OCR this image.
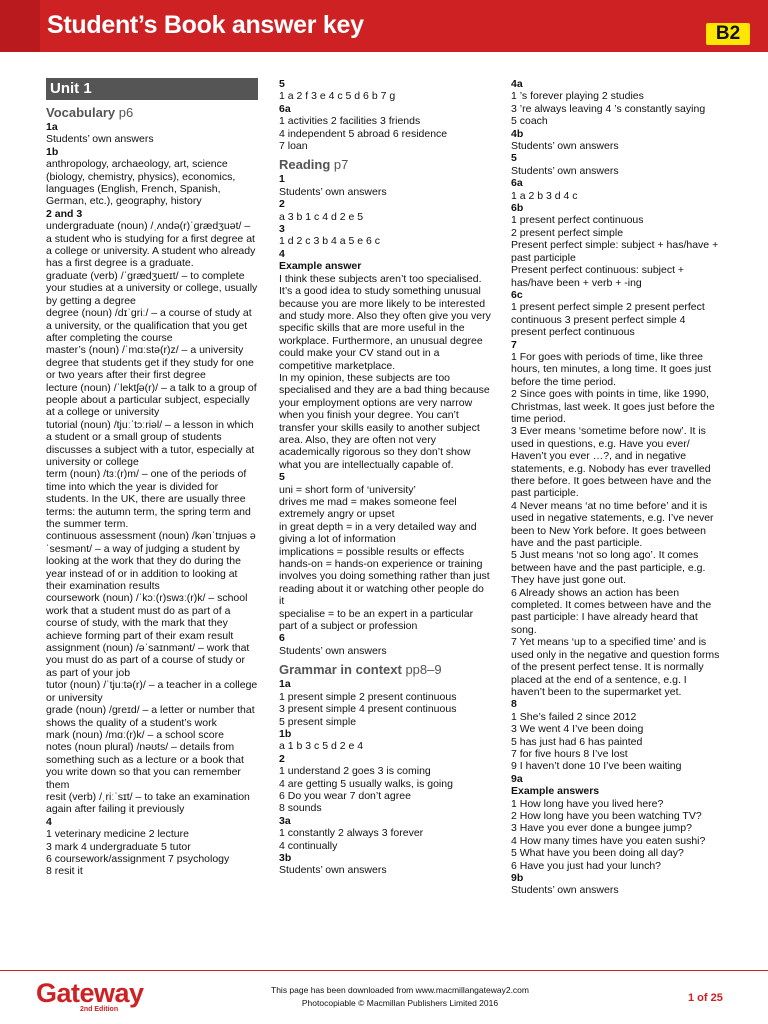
Student’s Book answer key	B2
Unit 1
Vocabulary p6
1a
Students’ own answers
1b
anthropology, archaeology, art, science (biology, chemistry, physics), economics, languages (English, French, Spanish, German, etc.), geography, history
2 and 3
undergraduate (noun) /ˌʌndə(r)ˈgrædʒuət/ – a student who is studying for a first degree at a college or university. A student who already has a first degree is a graduate.
graduate (verb) /ˈgrædʒueɪt/ – to complete your studies at a university or college, usually by getting a degree
degree (noun) /dɪˈgriː/ – a course of study at a university, or the qualification that you get after completing the course
master’s (noun) /ˈmɑːstə(r)z/ – a university degree that students get if they study for one or two years after their first degree
lecture (noun) /ˈlektʃə(r)/ – a talk to a group of people about a particular subject, especially at a college or university
tutorial (noun) /tjuːˈtɔːriəl/ – a lesson in which a student or a small group of students discusses a subject with a tutor, especially at university or college
term (noun) /tɜː(r)m/ – one of the periods of time into which the year is divided for students. In the UK, there are usually three terms: the autumn term, the spring term and the summer term.
continuous assessment (noun) /kənˈtɪnjuəs əˈsesmənt/ – a way of judging a student by looking at the work that they do during the year instead of or in addition to looking at their examination results
coursework (noun) /ˈkɔː(r)swɜː(r)k/ – school work that a student must do as part of a course of study, with the mark that they achieve forming part of their exam result
assignment (noun) /əˈsaɪnmənt/ – work that you must do as part of a course of study or as part of your job
tutor (noun) /ˈtjuːtə(r)/ – a teacher in a college or university
grade (noun) /greɪd/ – a letter or number that shows the quality of a student’s work
mark (noun) /mɑː(r)k/ – a school score
notes (noun plural) /nəʊts/ – details from something such as a lecture or a book that you write down so that you can remember them
resit (verb) /ˌriːˈsɪt/ – to take an examination again after failing it previously
4
1 veterinary medicine 2 lecture
3 mark 4 undergraduate 5 tutor
6 coursework/assignment 7 psychology
8 resit it
5
1 a 2 f 3 e 4 c 5 d 6 b 7 g
6a
1 activities 2 facilities 3 friends
4 independent 5 abroad 6 residence
7 loan
Reading p7
1
Students’ own answers
2
a 3 b 1 c 4 d 2 e 5
3
1 d 2 c 3 b 4 a 5 e 6 c
4
Example answer
I think these subjects aren’t too specialised. It’s a good idea to study something unusual because you are more likely to be interested and study more. Also they often give you very specific skills that are more useful in the workplace. Furthermore, an unusual degree could make your CV stand out in a competitive marketplace.
In my opinion, these subjects are too specialised and they are a bad thing because your employment options are very narrow when you finish your degree. You can’t transfer your skills easily to another subject area. Also, they are often not very academically rigorous so they don’t show what you are intellectually capable of.
5
uni = short form of ‘university’
drives me mad = makes someone feel extremely angry or upset
in great depth = in a very detailed way and giving a lot of information
implications = possible results or effects
hands-on = hands-on experience or training involves you doing something rather than just reading about it or watching other people do it
specialise = to be an expert in a particular part of a subject or profession
6
Students’ own answers
Grammar in context pp8–9
1a
1 present simple 2 present continuous
3 present simple 4 present continuous
5 present simple
1b
a 1 b 3 c 5 d 2 e 4
2
1 understand 2 goes 3 is coming
4 are getting 5 usually walks, is going
6 Do you wear 7 don’t agree
8 sounds
3a
1 constantly 2 always 3 forever
4 continually
3b
Students’ own answers
4a
1 ’s forever playing 2 studies
3 ’re always leaving 4 ’s constantly saying
5 coach
4b
Students’ own answers
5
Students’ own answers
6a
1 a 2 b 3 d 4 c
6b
1 present perfect continuous
2 present perfect simple
Present perfect simple: subject + has/have + past participle
Present perfect continuous: subject + has/have been + verb + -ing
6c
1 present perfect simple 2 present perfect continuous 3 present perfect simple 4 present perfect continuous
7
1 For goes with periods of time, like three hours, ten minutes, a long time. It goes just before the time period.
2 Since goes with points in time, like 1990, Christmas, last week. It goes just before the time period.
3 Ever means ‘sometime before now’. It is used in questions, e.g. Have you ever/ Haven’t you ever …?, and in negative statements, e.g. Nobody has ever travelled there before. It goes between have and the past participle.
4 Never means ‘at no time before’ and it is used in negative statements, e.g. I’ve never been to New York before. It goes between have and the past participle.
5 Just means ‘not so long ago’. It comes between have and the past participle, e.g. They have just gone out.
6 Already shows an action has been completed. It comes between have and the past participle: I have already heard that song.
7 Yet means ‘up to a specified time’ and is used only in the negative and question forms of the present perfect tense. It is normally placed at the end of a sentence, e.g. I haven’t been to the supermarket yet.
8
1 She’s failed 2 since 2012
3 We went 4 I’ve been doing
5 has just had 6 has painted
7 for five hours 8 I’ve lost
9 I haven’t done 10 I’ve been waiting
9a
Example answers
1 How long have you lived here?
2 How long have you been watching TV?
3 Have you ever done a bungee jump?
4 How many times have you eaten sushi?
5 What have you been doing all day?
6 Have you just had your lunch?
9b
Students’ own answers
Gateway
2nd Edition
This page has been downloaded from www.macmillangateway2.com
Photocopiable © Macmillan Publishers Limited 2016	1 of 25
